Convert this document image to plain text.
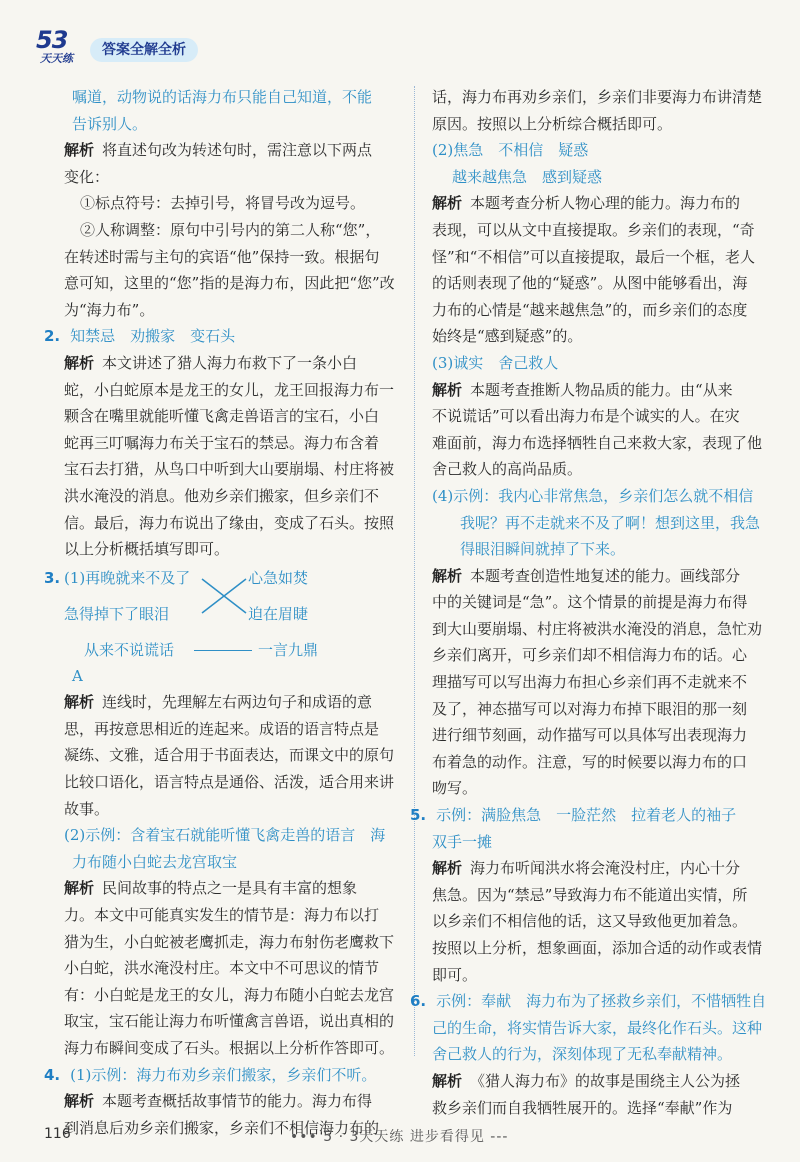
53
天天练
答案全解全析
嘱道，动物说的话海力布只能自己知道，不能
告诉别人。
解析 将直述句改为转述句时，需注意以下两点
变化：
①标点符号：去掉引号，将冒号改为逗号。
②人称调整：原句中引号内的第二人称“您”，
在转述时需与主句的宾语“他”保持一致。根据句
意可知，这里的“您”指的是海力布，因此把“您”改
为“海力布”。
2. 知禁忌　劝搬家　变石头
解析 本文讲述了猎人海力布救下了一条小白
蛇，小白蛇原本是龙王的女儿，龙王回报海力布一
颗含在嘴里就能听懂飞禽走兽语言的宝石，小白
蛇再三叮嘱海力布关于宝石的禁忌。海力布含着
宝石去打猎，从鸟口中听到大山要崩塌、村庄将被
洪水淹没的消息。他劝乡亲们搬家，但乡亲们不
信。最后，海力布说出了缘由，变成了石头。按照
以上分析概括填写即可。
3. (1)再晚就来不及了	心急如焚
急得掉下了眼泪	迫在眉睫
从来不说谎话	一言九鼎
A
解析 连线时，先理解左右两边句子和成语的意
思，再按意思相近的连起来。成语的语言特点是
凝练、文雅，适合用于书面表达，而课文中的原句
比较口语化，语言特点是通俗、活泼，适合用来讲
故事。
(2)示例：含着宝石就能听懂飞禽走兽的语言　海
力布随小白蛇去龙宫取宝
解析 民间故事的特点之一是具有丰富的想象
力。本文中可能真实发生的情节是：海力布以打
猎为生，小白蛇被老鹰抓走，海力布射伤老鹰救下
小白蛇，洪水淹没村庄。本文中不可思议的情节
有：小白蛇是龙王的女儿，海力布随小白蛇去龙宫
取宝，宝石能让海力布听懂禽言兽语，说出真相的
海力布瞬间变成了石头。根据以上分析作答即可。
4. (1)示例：海力布劝乡亲们搬家，乡亲们不听。
解析 本题考查概括故事情节的能力。海力布得
到消息后劝乡亲们搬家，乡亲们不相信海力布的
话，海力布再劝乡亲们，乡亲们非要海力布讲清楚
原因。按照以上分析综合概括即可。
(2)焦急　不相信　疑惑
越来越焦急　感到疑惑
解析 本题考查分析人物心理的能力。海力布的
表现，可以从文中直接提取。乡亲们的表现，“奇
怪”和“不相信”可以直接提取，最后一个框，老人
的话则表现了他的“疑惑”。从图中能够看出，海
力布的心情是“越来越焦急”的，而乡亲们的态度
始终是“感到疑惑”的。
(3)诚实　舍己救人
解析 本题考查推断人物品质的能力。由“从来
不说谎话”可以看出海力布是个诚实的人。在灾
难面前，海力布选择牺牲自己来救大家，表现了他
舍己救人的高尚品质。
(4)示例：我内心非常焦急，乡亲们怎么就不相信
我呢？再不走就来不及了啊！想到这里，我急
得眼泪瞬间就掉了下来。
解析 本题考查创造性地复述的能力。画线部分
中的关键词是“急”。这个情景的前提是海力布得
到大山要崩塌、村庄将被洪水淹没的消息，急忙劝
乡亲们离开，可乡亲们却不相信海力布的话。心
理描写可以写出海力布担心乡亲们再不走就来不
及了，神态描写可以对海力布掉下眼泪的那一刻
进行细节刻画，动作描写可以具体写出表现海力
布着急的动作。注意，写的时候要以海力布的口
吻写。
5. 示例：满脸焦急　一脸茫然　拉着老人的袖子
双手一摊
解析 海力布听闻洪水将会淹没村庄，内心十分
焦急。因为“禁忌”导致海力布不能道出实情，所
以乡亲们不相信他的话，这又导致他更加着急。
按照以上分析，想象画面，添加合适的动作或表情
即可。
6. 示例：奉献　海力布为了拯救乡亲们，不惜牺牲自
己的生命，将实情告诉大家，最终化作石头。这种
舍己救人的行为，深刻体现了无私奉献精神。
解析 《猎人海力布》的故事是围绕主人公为拯
救乡亲们而自我牺牲展开的。选择“奉献”作为
116	••• 5 · 3天天练 进步看得见 ---
